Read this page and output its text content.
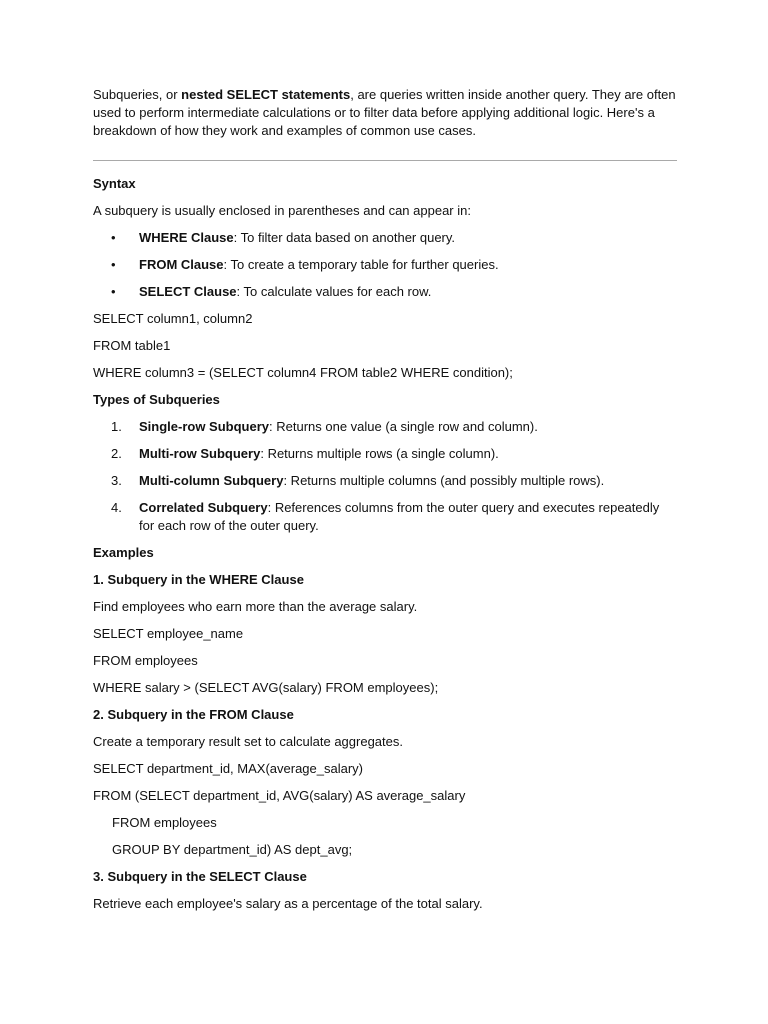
Subqueries, or nested SELECT statements, are queries written inside another query. They are often used to perform intermediate calculations or to filter data before applying additional logic. Here's a breakdown of how they work and examples of common use cases.

Syntax

A subquery is usually enclosed in parentheses and can appear in:

• WHERE Clause: To filter data based on another query.
• FROM Clause: To create a temporary table for further queries.
• SELECT Clause: To calculate values for each row.

SELECT column1, column2

FROM table1

WHERE column3 = (SELECT column4 FROM table2 WHERE condition);

Types of Subqueries

1. Single-row Subquery: Returns one value (a single row and column).
2. Multi-row Subquery: Returns multiple rows (a single column).
3. Multi-column Subquery: Returns multiple columns (and possibly multiple rows).
4. Correlated Subquery: References columns from the outer query and executes repeatedly for each row of the outer query.

Examples

1. Subquery in the WHERE Clause

Find employees who earn more than the average salary.

SELECT employee_name

FROM employees

WHERE salary > (SELECT AVG(salary) FROM employees);

2. Subquery in the FROM Clause

Create a temporary result set to calculate aggregates.

SELECT department_id, MAX(average_salary)

FROM (SELECT department_id, AVG(salary) AS average_salary

FROM employees

GROUP BY department_id) AS dept_avg;

3. Subquery in the SELECT Clause

Retrieve each employee's salary as a percentage of the total salary.
